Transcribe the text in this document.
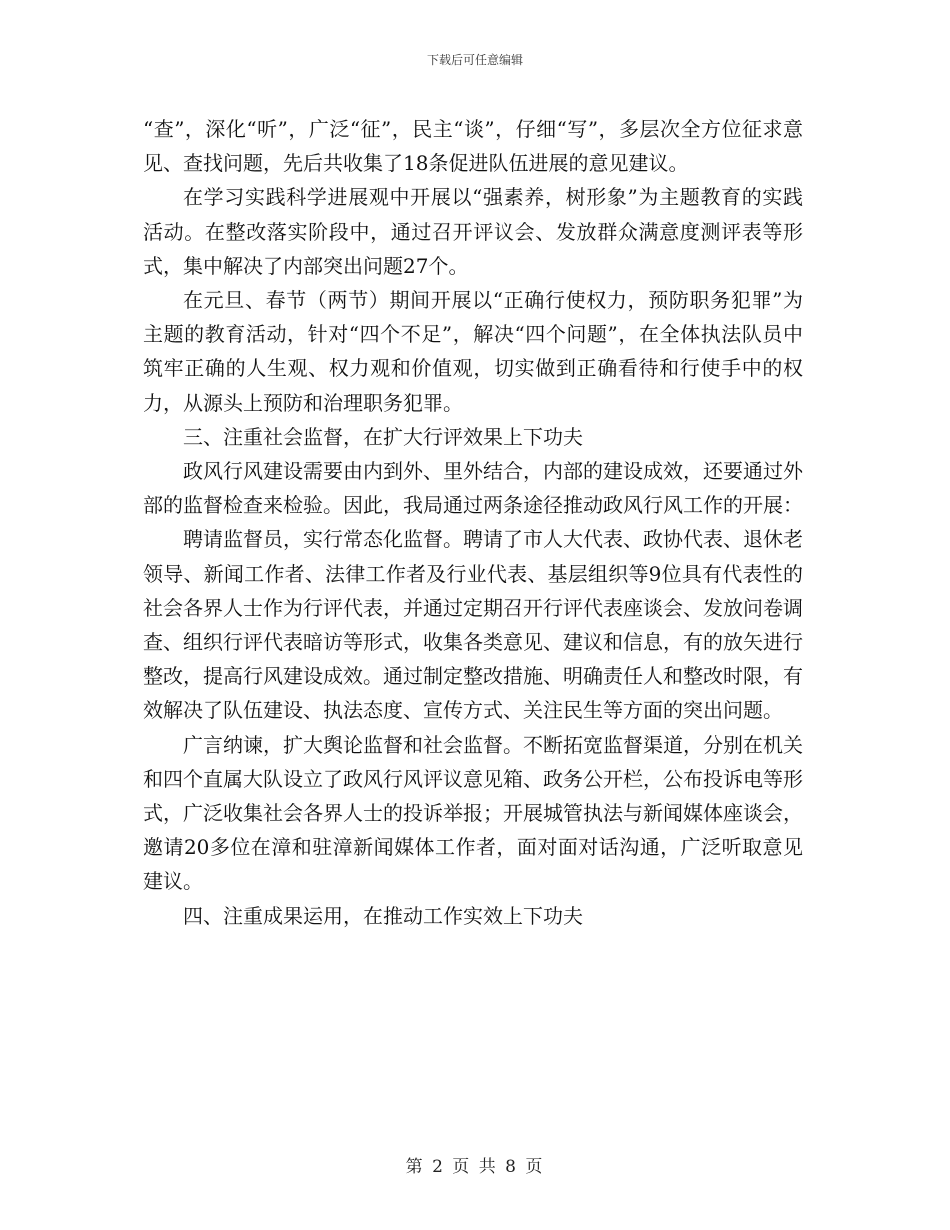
下载后可任意编辑

“查”，深化“听”，广泛“征”，民主“谈”，仔细“写”，多层次全方位征求意见、查找问题，先后共收集了18条促进队伍进展的意见建议。

在学习实践科学进展观中开展以“强素养，树形象”为主题教育的实践活动。在整改落实阶段中，通过召开评议会、发放群众满意度测评表等形式，集中解决了内部突出问题27个。

在元旦、春节（两节）期间开展以“正确行使权力，预防职务犯罪”为主题的教育活动，针对“四个不足”，解决“四个问题”，在全体执法队员中筑牢正确的人生观、权力观和价值观，切实做到正确看待和行使手中的权力，从源头上预防和治理职务犯罪。

三、注重社会监督，在扩大行评效果上下功夫

政风行风建设需要由内到外、里外结合，内部的建设成效，还要通过外部的监督检查来检验。因此，我局通过两条途径推动政风行风工作的开展：

聘请监督员，实行常态化监督。聘请了市人大代表、政协代表、退休老领导、新闻工作者、法律工作者及行业代表、基层组织等9位具有代表性的社会各界人士作为行评代表，并通过定期召开行评代表座谈会、发放问卷调查、组织行评代表暗访等形式，收集各类意见、建议和信息，有的放矢进行整改，提高行风建设成效。通过制定整改措施、明确责任人和整改时限，有效解决了队伍建设、执法态度、宣传方式、关注民生等方面的突出问题。

广言纳谏，扩大舆论监督和社会监督。不断拓宽监督渠道，分别在机关和四个直属大队设立了政风行风评议意见箱、政务公开栏，公布投诉电等形式，广泛收集社会各界人士的投诉举报；开展城管执法与新闻媒体座谈会，邀请20多位在漳和驻漳新闻媒体工作者，面对面对话沟通，广泛听取意见建议。

四、注重成果运用，在推动工作实效上下功夫

第 2 页 共 8 页
